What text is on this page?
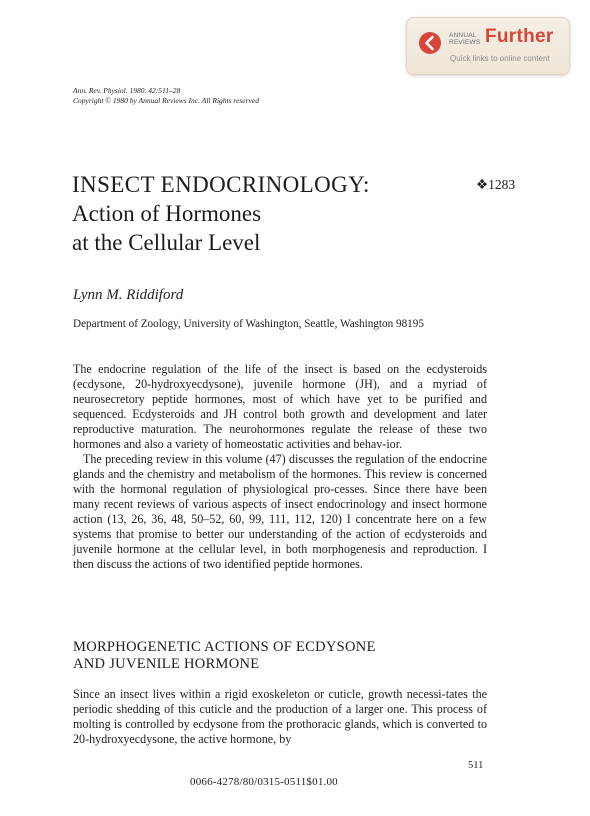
ANNUAL
REVIEWS Further
Quick links to online content
Ann. Rev. Physiol. 1980. 42:511–28
Copyright © 1980 by Annual Reviews Inc. All Rights reserved
INSECT ENDOCRINOLOGY:
Action of Hormones
at the Cellular Level
❖1283
Lynn M. Riddiford
Department of Zoology, University of Washington, Seattle, Washington 98195

The endocrine regulation of the life of the insect is based on the ecdysteroids (ecdysone, 20-hydroxyecdysone), juvenile hormone (JH), and a myriad of neurosecretory peptide hormones, most of which have yet to be purified and sequenced. Ecdysteroids and JH control both growth and development and later reproductive maturation. The neurohormones regulate the release of these two hormones and also a variety of homeostatic activities and behav-ior.

The preceding review in this volume (47) discusses the regulation of the endocrine glands and the chemistry and metabolism of the hormones. This review is concerned with the hormonal regulation of physiological pro-cesses. Since there have been many recent reviews of various aspects of insect endocrinology and insect hormone action (13, 26, 36, 48, 50–52, 60, 99, 111, 112, 120) I concentrate here on a few systems that promise to better our understanding of the action of ecdysteroids and juvenile hormone at the cellular level, in both morphogenesis and reproduction. I then discuss the actions of two identified peptide hormones.

MORPHOGENETIC ACTIONS OF ECDYSONE
AND JUVENILE HORMONE

Since an insect lives within a rigid exoskeleton or cuticle, growth necessi-tates the periodic shedding of this cuticle and the production of a larger one. This process of molting is controlled by ecdysone from the prothoracic glands, which is converted to 20-hydroxyecdysone, the active hormone, by

511
0066-4278/80/0315-0511$01.00
